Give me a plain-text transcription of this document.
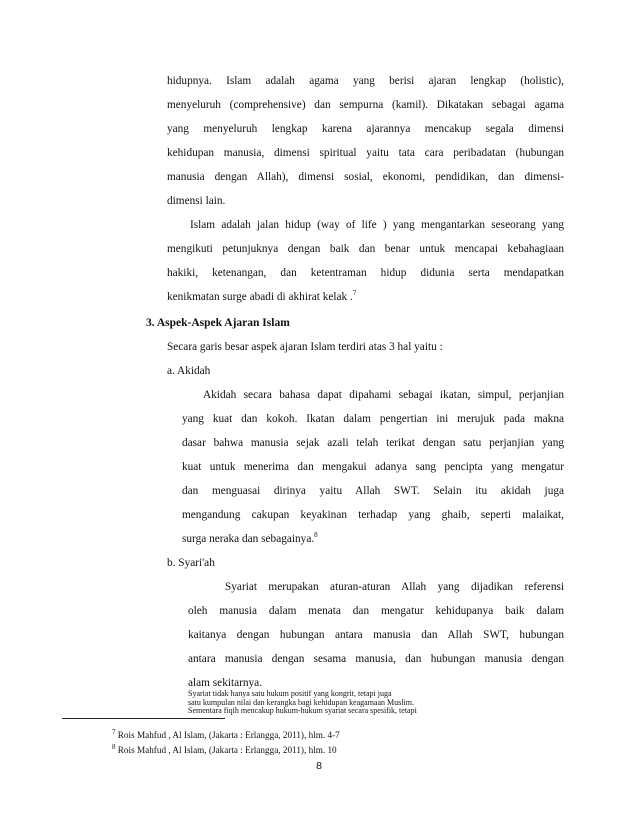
hidupnya. Islam adalah agama yang berisi ajaran lengkap (holistic),
menyeluruh (comprehensive) dan sempurna (kamil). Dikatakan sebagai agama
yang menyeluruh lengkap karena ajarannya mencakup segala dimensi
kehidupan manusia, dimensi spiritual yaitu tata cara peribadatan (hubungan
manusia dengan Allah), dimensi sosial, ekonomi, pendidikan, dan dimensi-
dimensi lain.
Islam adalah jalan hidup (way of life ) yang mengantarkan seseorang yang
mengikuti petunjuknya dengan baik dan benar untuk mencapai kebahagiaan
hakiki, ketenangan, dan ketentraman hidup didunia serta mendapatkan
kenikmatan surge abadi di akhirat kelak .$^7$
3. Aspek-Aspek Ajaran Islam
Secara garis besar aspek ajaran Islam terdiri atas 3 hal yaitu :
a. Akidah
Akidah secara bahasa dapat dipahami sebagai ikatan, simpul, perjanjian
yang kuat dan kokoh. Ikatan dalam pengertian ini merujuk pada makna
dasar bahwa manusia sejak azali telah terikat dengan satu perjanjian yang
kuat untuk menerima dan mengakui adanya sang pencipta yang mengatur
dan menguasai dirinya yaitu Allah SWT. Selain itu akidah juga
mengandung cakupan keyakinan terhadap yang ghaib, seperti malaikat,
surga neraka dan sebagainya.$^8$
b. Syari'ah
Syariat merupakan aturan-aturan Allah yang dijadikan referensi
oleh manusia dalam menata dan mengatur kehidupanya baik dalam
kaitanya dengan hubungan antara manusia dan Allah SWT, hubungan
antara manusia dengan sesama manusia, dan hubungan manusia dengan
alam sekitarnya.
$^7$ Rois Mahfud , Al Islam, (Jakarta : Erlangga, 2011), hlm. 4-7
$^8$ Rois Mahfud , Al Islam, (Jakarta : Erlangga, 2011), hlm. 10
8
Syariat tidak hanya satu hukum positif yang kongrit, tetapi juga
satu kumpulan nilai dan kerangka bagi kehidupan keagamaan Muslim.
Sementara fiqih mencakup hukum-hukum syariat secara spesifik, tetapi
